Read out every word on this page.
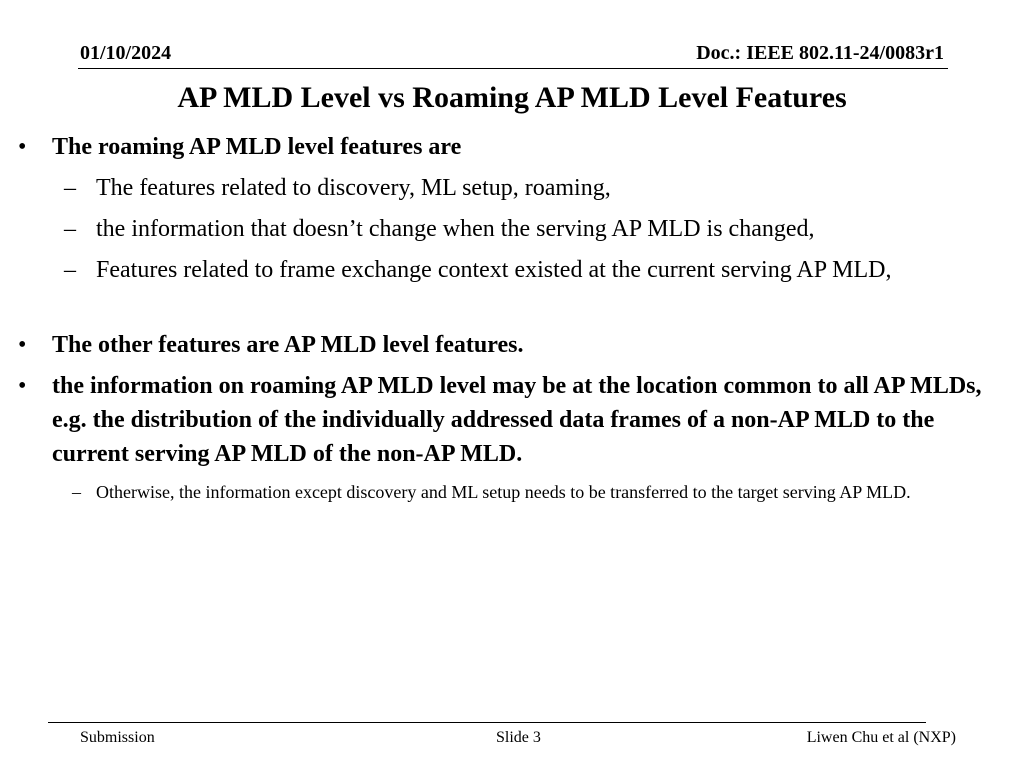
01/10/2024	Doc.: IEEE 802.11-24/0083r1
AP MLD Level vs Roaming AP MLD Level Features
• The roaming AP MLD level features are
– The features related to discovery, ML setup, roaming,
– the information that doesn’t change when the serving AP MLD is changed,
– Features related to frame exchange context existed at the current serving AP MLD,
• The other features are AP MLD level features.
• the information on roaming AP MLD level may be at the location common to all AP MLDs, e.g. the distribution of the individually addressed data frames of a non-AP MLD to the current serving AP MLD of the non-AP MLD.
– Otherwise, the information except discovery and ML setup needs to be transferred to the target serving AP MLD.
Submission	Slide 3	Liwen Chu et al (NXP)
